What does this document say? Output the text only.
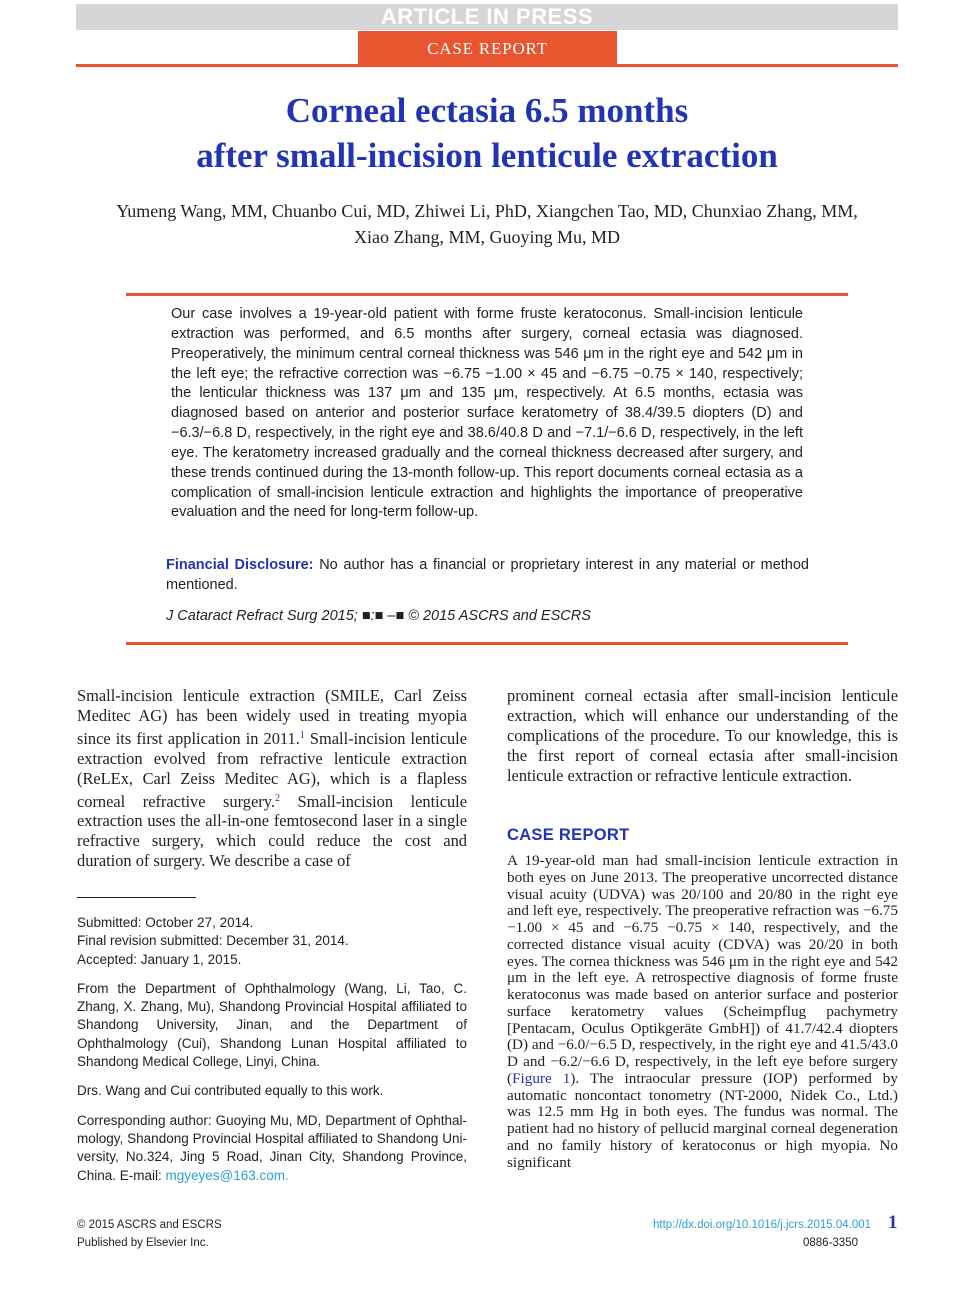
ARTICLE IN PRESS
CASE REPORT
Corneal ectasia 6.5 months
after small-incision lenticule extraction
Yumeng Wang, MM, Chuanbo Cui, MD, Zhiwei Li, PhD, Xiangchen Tao, MD, Chunxiao Zhang, MM,
Xiao Zhang, MM, Guoying Mu, MD
Our case involves a 19-year-old patient with forme fruste keratoconus. Small-incision lenticule extraction was performed, and 6.5 months after surgery, corneal ectasia was diagnosed. Preoperatively, the minimum central corneal thickness was 546 μm in the right eye and 542 μm in the left eye; the refractive correction was −6.75 −1.00 × 45 and −6.75 −0.75 × 140, respectively; the lenticular thickness was 137 μm and 135 μm, respectively. At 6.5 months, ectasia was diagnosed based on anterior and posterior surface keratometry of 38.4/39.5 diopters (D) and −6.3/−6.8 D, respectively, in the right eye and 38.6/40.8 D and −7.1/−6.6 D, respectively, in the left eye. The keratometry increased gradually and the corneal thickness decreased after surgery, and these trends continued during the 13-month follow-up. This report documents corneal ectasia as a complication of small-incision lenticule extraction and highlights the importance of preoperative evaluation and the need for long-term follow-up.
Financial Disclosure: No author has a financial or proprietary interest in any material or method mentioned.
J Cataract Refract Surg 2015; ■:■ –■ © 2015 ASCRS and ESCRS
Small-incision lenticule extraction (SMILE, Carl Zeiss Meditec AG) has been widely used in treating myopia since its first application in 2011.$^1$ Small-incision lenticule extraction evolved from refractive lenticule extraction (ReLEx, Carl Zeiss Meditec AG), which is a flapless corneal refractive surgery.$^2$ Small-incision lenticule extraction uses the all-in-one femtosecond laser in a single refractive surgery, which could reduce the cost and duration of surgery. We describe a case of
prominent corneal ectasia after small-incision lenticule extraction, which will enhance our understanding of the complications of the procedure. To our knowledge, this is the first report of corneal ectasia after small-incision lenticule extraction or refractive lenticule extraction.
CASE REPORT
A 19-year-old man had small-incision lenticule extraction in both eyes on June 2013. The preoperative uncorrected distance visual acuity (UDVA) was 20/100 and 20/80 in the right eye and left eye, respectively. The preoperative refraction was −6.75 −1.00 × 45 and −6.75 −0.75 × 140, respectively, and the corrected distance visual acuity (CDVA) was 20/20 in both eyes. The cornea thickness was 546 μm in the right eye and 542 μm in the left eye. A retrospective diagnosis of forme fruste keratoconus was made based on anterior surface and posterior surface keratometry values (Scheimpflug pachymetry [Pentacam, Oculus Optikgeräte GmbH]) of 41.7/42.4 diopters (D) and −6.0/−6.5 D, respectively, in the right eye and 41.5/43.0 D and −6.2/−6.6 D, respectively, in the left eye before surgery (Figure 1). The intraocular pressure (IOP) performed by automatic noncontact tonometry (NT-2000, Nidek Co., Ltd.) was 12.5 mm Hg in both eyes. The fundus was normal. The patient had no history of pellucid marginal corneal degeneration and no family history of keratoconus or high myopia. No significant

Submitted: October 27, 2014.

Final revision submitted: December 31, 2014.

Accepted: January 1, 2015.

From the Department of Ophthalmology (Wang, Li, Tao, C. Zhang, X. Zhang, Mu), Shandong Provincial Hospital affiliated to Shandong University, Jinan, and the Department of Ophthalmology (Cui), Shandong Lunan Hospital affiliated to Shandong Medical College, Linyi, China.

Drs. Wang and Cui contributed equally to this work.

Corresponding author: Guoying Mu, MD, Department of Ophthalmology, Shandong Provincial Hospital affiliated to Shandong University, No.324, Jing 5 Road, Jinan City, Shandong Province, China. E-mail: mgyeyes@163.com.

© 2015 ASCRS and ESCRS
Published by Elsevier Inc.
http://dx.doi.org/10.1016/j.jcrs.2015.04.001
0886-3350
1
